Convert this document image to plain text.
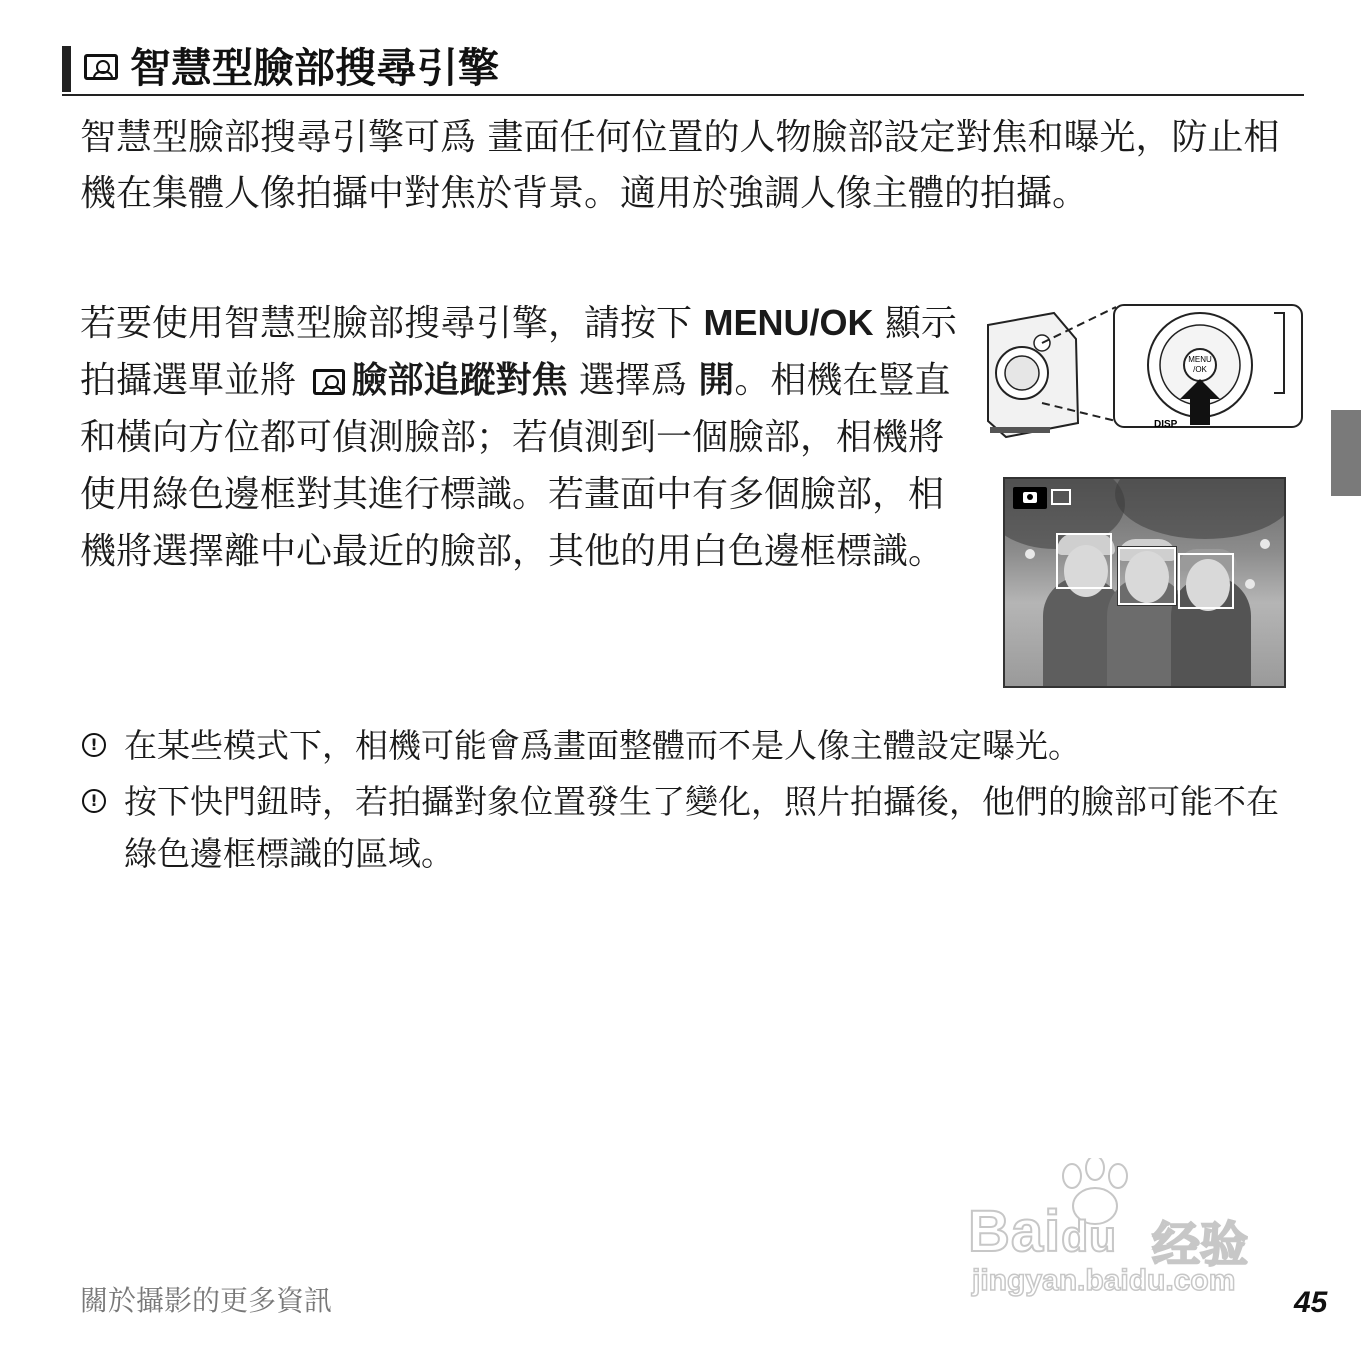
智慧型臉部搜尋引擎
智慧型臉部搜尋引擎可爲 畫面任何位置的人物臉部設定對焦和曝光，防止相機在集體人像拍攝中對焦於背景。適用於強調人像主體的拍攝。
若要使用智慧型臉部搜尋引擎，請按下 MENU/OK 顯示拍攝選單並將 臉部追蹤對焦 選擇爲 開。相機在豎直和橫向方位都可偵測臉部；若偵測到一個臉部，相機將使用綠色邊框對其進行標識。若畫面中有多個臉部，相機將選擇離中心最近的臉部，其他的用白色邊框標識。
MENU
/OK
DISP
! 在某些模式下，相機可能會爲畫面整體而不是人像主體設定曝光。
! 按下快門鈕時，若拍攝對象位置發生了變化，照片拍攝後，他們的臉部可能不在綠色邊框標識的區域。
關於攝影的更多資訊	45
Baidu 经验
jingyan.baidu.com
